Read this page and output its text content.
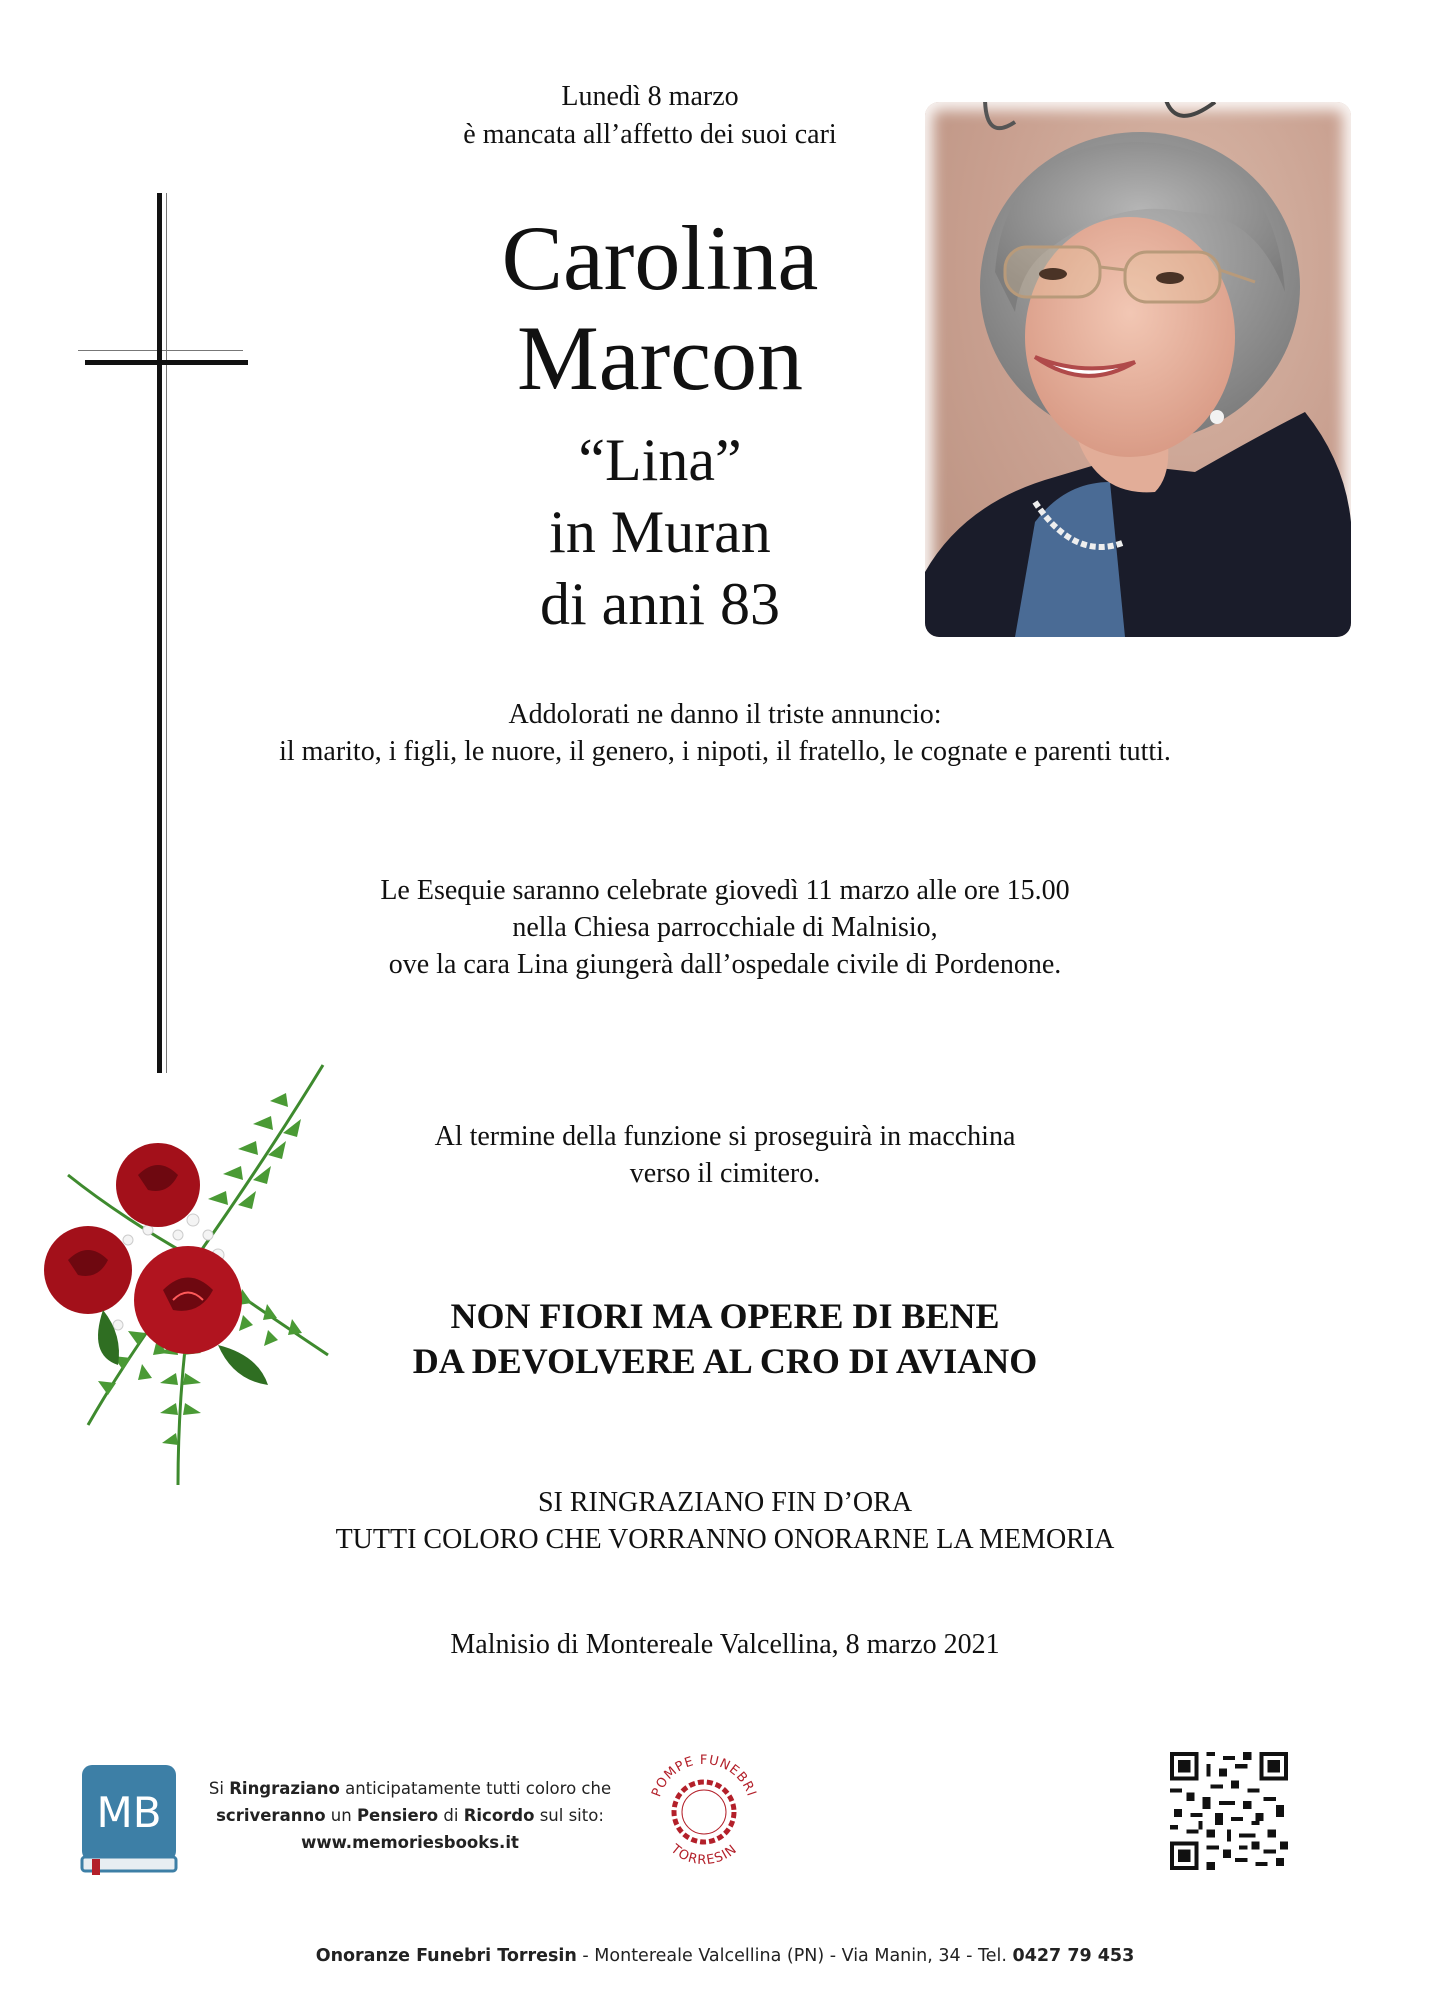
Lunedì 8 marzo
è mancata all’affetto dei suoi cari
Carolina
Marcon
“Lina”
in Muran
di anni 83
Addolorati ne danno il triste annuncio:
il marito, i figli, le nuore, il genero, i nipoti, il fratello, le cognate e parenti tutti.
Le Esequie saranno celebrate giovedì 11 marzo alle ore 15.00
nella Chiesa parrocchiale di Malnisio,
ove la cara Lina giungerà dall’ospedale civile di Pordenone.
Al termine della funzione si proseguirà in macchina
verso il cimitero.
NON FIORI MA OPERE DI BENE
DA DEVOLVERE AL CRO DI AVIANO
SI RINGRAZIANO FIN D’ORA
TUTTI COLORO CHE VORRANNO ONORARNE LA MEMORIA
Malnisio di Montereale Valcellina, 8 marzo 2021
MB	Si Ringraziano anticipatamente tutti coloro che
scriveranno un Pensiero di Ricordo sul sito:
www.memoriesbooks.it
POMPE FUNEBRI
TORRESIN
Onoranze Funebri Torresin - Montereale Valcellina (PN) - Via Manin, 34 - Tel. 0427 79 453
